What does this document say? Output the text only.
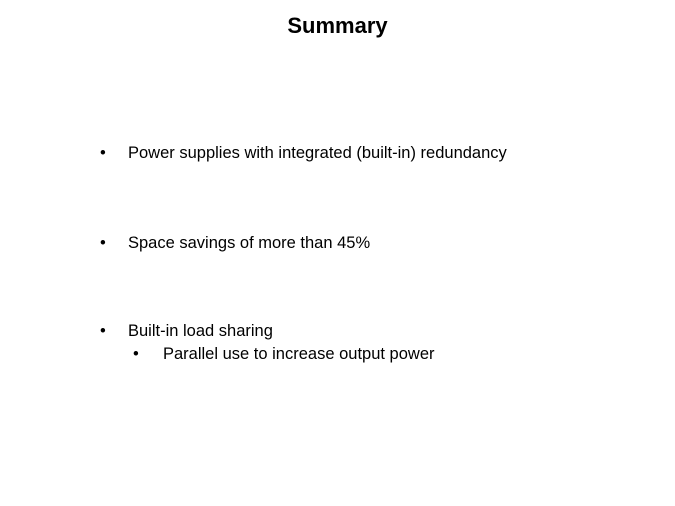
Summary
• Power supplies with integrated (built-in) redundancy
• Space savings of more than 45%
• Built-in load sharing
• Parallel use to increase output power
